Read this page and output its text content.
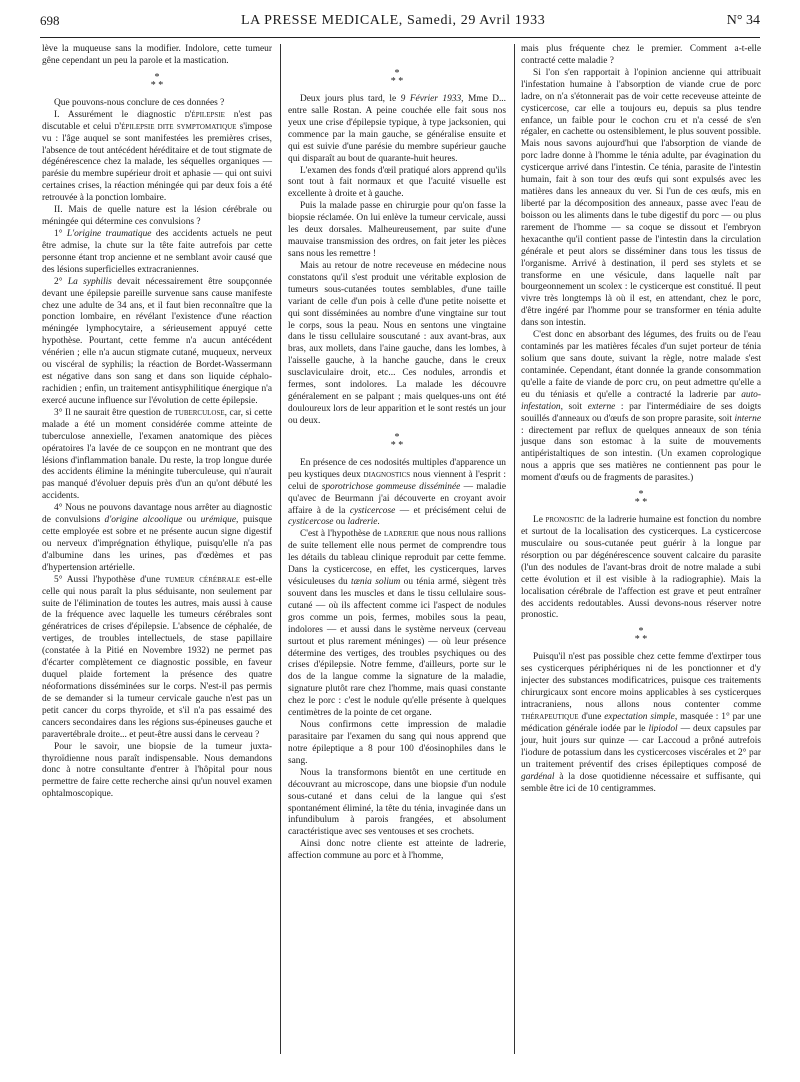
698	LA PRESSE MEDICALE, Samedi, 29 Avril 1933	N° 34

lève la muqueuse sans la modifier. Indolore, cette tumeur gêne cependant un peu la parole et la mastication.

*
* *

Que pouvons-nous conclure de ces données ?

I. Assurément le diagnostic d'épilepsie n'est pas discutable et celui d'épilepsie dite symptomatique s'impose vu : l'âge auquel se sont manifestées les premières crises, l'absence de tout antécédent héréditaire et de tout stigmate de dégénérescence chez la malade, les séquelles organiques — parésie du membre supérieur droit et aphasie — qui ont suivi certaines crises, la réaction méningée qui par deux fois a été retrouvée à la ponction lombaire.

II. Mais de quelle nature est la lésion cérébrale ou méningée qui détermine ces convulsions ?

1° L'origine traumatique des accidents actuels ne peut être admise, la chute sur la tête faite autrefois par cette personne étant trop ancienne et ne semblant avoir causé que des lésions superficielles extracraniennes.

2° La syphilis devait nécessairement être soupçonnée devant une épilepsie pareille survenue sans cause manifeste chez une adulte de 34 ans, et il faut bien reconnaître que la ponction lombaire, en révélant l'existence d'une réaction méningée lymphocytaire, a sérieusement appuyé cette hypothèse. Pourtant, cette femme n'a aucun antécédent vénérien ; elle n'a aucun stigmate cutané, muqueux, nerveux ou viscéral de syphilis; la réaction de Bordet-Wassermann est négative dans son sang et dans son liquide céphalo-rachidien ; enfin, un traitement antisyphilitique énergique n'a exercé aucune influence sur l'évolution de cette épilepsie.

3° Il ne saurait être question de tuberculose, car, si cette malade a été un moment considérée comme atteinte de tuberculose annexielle, l'examen anatomique des pièces opératoires l'a lavée de ce soupçon en ne montrant que des lésions d'inflammation banale. Du reste, la trop longue durée des accidents élimine la méningite tuberculeuse, qui n'aurait pas manqué d'évoluer depuis près d'un an qu'ont débuté les accidents.

4° Nous ne pouvons davantage nous arrêter au diagnostic de convulsions d'origine alcoolique ou urémique, puisque cette employée est sobre et ne présente aucun signe digestif ou nerveux d'imprégnation éthylique, puisqu'elle n'a pas d'albumine dans les urines, pas d'œdèmes et pas d'hypertension artérielle.

5° Aussi l'hypothèse d'une tumeur cérébrale est-elle celle qui nous paraît la plus séduisante, non seulement par suite de l'élimination de toutes les autres, mais aussi à cause de la fréquence avec laquelle les tumeurs cérébrales sont génératrices de crises d'épilepsie. L'absence de céphalée, de vertiges, de troubles intellectuels, de stase papillaire (constatée à la Pitié en Novembre 1932) ne permet pas d'écarter complètement ce diagnostic possible, en faveur duquel plaide fortement la présence des quatre néoformations disséminées sur le corps. N'est-il pas permis de se demander si la tumeur cervicale gauche n'est pas un petit cancer du corps thyroïde, et s'il n'a pas essaimé des cancers secondaires dans les régions sus-épineuses gauche et paravertébrale droite... et peut-être aussi dans le cerveau ?

Pour le savoir, une biopsie de la tumeur juxta-thyroïdienne nous paraît indispensable. Nous demandons donc à notre consultante d'entrer à l'hôpital pour nous permettre de faire cette recherche ainsi qu'un nouvel examen ophtalmoscopique.

*
* *

Deux jours plus tard, le 9 Février 1933, Mme D... entre salle Rostan. A peine couchée elle fait sous nos yeux une crise d'épilepsie typique, à type jacksonien, qui commence par la main gauche, se généralise ensuite et qui est suivie d'une parésie du membre supérieur gauche qui disparaît au bout de quarante-huit heures.

L'examen des fonds d'œil pratiqué alors apprend qu'ils sont tout à fait normaux et que l'acuité visuelle est excellente à droite et à gauche.

Puis la malade passe en chirurgie pour qu'on fasse la biopsie réclamée. On lui enlève la tumeur cervicale, aussi les deux dorsales. Malheureusement, par suite d'une mauvaise transmission des ordres, on fait jeter les pièces sans nous les remettre !

Mais au retour de notre receveuse en médecine nous constatons qu'il s'est produit une véritable explosion de tumeurs sous-cutanées toutes semblables, d'une taille variant de celle d'un pois à celle d'une petite noisette et qui sont disséminées au nombre d'une vingtaine sur tout le corps, sous la peau. Nous en sentons une vingtaine dans le tissu cellulaire souscutané : aux avant-bras, aux bras, aux mollets, dans l'aine gauche, dans les lombes, à l'aisselle gauche, à la hanche gauche, dans le creux susclaviculaire droit, etc... Ces nodules, arrondis et fermes, sont indolores. La malade les découvre généralement en se palpant ; mais quelques-uns ont été douloureux lors de leur apparition et le sont restés un jour ou deux.

*
* *

En présence de ces nodosités multiples d'apparence un peu kystiques deux diagnostics nous viennent à l'esprit : celui de sporotrichose gommeuse disséminée — maladie qu'avec de Beurmann j'ai découverte en croyant avoir affaire à de la cysticercose — et précisément celui de cysticercose ou ladrerie.

C'est à l'hypothèse de ladrerie que nous nous rallions de suite tellement elle nous permet de comprendre tous les détails du tableau clinique reproduit par cette femme. Dans la cysticercose, en effet, les cysticerques, larves vésiculeuses du tænia solium ou ténia armé, siègent très souvent dans les muscles et dans le tissu cellulaire sous-cutané — où ils affectent comme ici l'aspect de nodules gros comme un pois, fermes, mobiles sous la peau, indolores — et aussi dans le système nerveux (cerveau surtout et plus rarement méninges) — où leur présence détermine des vertiges, des troubles psychiques ou des crises d'épilepsie. Notre femme, d'ailleurs, porte sur le dos de la langue comme la signature de la maladie, signature plutôt rare chez l'homme, mais quasi constante chez le porc : c'est le nodule qu'elle présente à quelques centimètres de la pointe de cet organe.

Nous confirmons cette impression de maladie parasitaire par l'examen du sang qui nous apprend que notre épileptique a 8 pour 100 d'éosinophiles dans le sang.

Nous la transformons bientôt en une certitude en découvrant au microscope, dans une biopsie d'un nodule sous-cutané et dans celui de la langue qui s'est spontanément éliminé, la tête du ténia, invaginée dans un infundibulum à parois frangées, et absolument caractéristique avec ses ventouses et ses crochets.

Ainsi donc notre cliente est atteinte de ladrerie, affection commune au porc et à l'homme,

mais plus fréquente chez le premier. Comment a-t-elle contracté cette maladie ?

Si l'on s'en rapportait à l'opinion ancienne qui attribuait l'infestation humaine à l'absorption de viande crue de porc ladre, on n'a s'étonnerait pas de voir cette receveuse atteinte de cysticercose, car elle a toujours eu, depuis sa plus tendre enfance, un faible pour le cochon cru et n'a cessé de s'en régaler, en cachette ou ostensiblement, le plus souvent possible. Mais nous savons aujourd'hui que l'absorption de viande de porc ladre donne à l'homme le ténia adulte, par évagination du cysticerque arrivé dans l'intestin. Ce ténia, parasite de l'intestin humain, fait à son tour des œufs qui sont expulsés avec les matières dans les anneaux du ver. Si l'un de ces œufs, mis en liberté par la décomposition des anneaux, passe avec l'eau de boisson ou les aliments dans le tube digestif du porc — ou plus rarement de l'homme — sa coque se dissout et l'embryon hexacanthe qu'il contient passe de l'intestin dans la circulation générale et peut alors se disséminer dans tous les tissus de l'organisme. Arrivé à destination, il perd ses stylets et se transforme en une vésicule, dans laquelle naît par bourgeonnement un scolex : le cysticerque est constitué. Il peut vivre très longtemps là où il est, en attendant, chez le porc, d'être ingéré par l'homme pour se transformer en ténia adulte dans son intestin.

C'est donc en absorbant des légumes, des fruits ou de l'eau contaminés par les matières fécales d'un sujet porteur de ténia solium que sans doute, suivant la règle, notre malade s'est contaminée. Cependant, étant donnée la grande consommation qu'elle a faite de viande de porc cru, on peut admettre qu'elle a eu du téniasis et qu'elle a contracté la ladrerie par auto-infestation, soit externe : par l'intermédiaire de ses doigts souillés d'anneaux ou d'œufs de son propre parasite, soit interne : directement par reflux de quelques anneaux de son ténia jusque dans son estomac à la suite de mouvements antipéristaltiques de son intestin. (Un examen coprologique nous a appris que ses matières ne contiennent pas pour le moment d'œufs ou de fragments de parasites.)

*
* *

Le pronostic de la ladrerie humaine est fonction du nombre et surtout de la localisation des cysticerques. La cysticercose musculaire ou sous-cutanée peut guérir à la longue par résorption ou par dégénérescence souvent calcaire du parasite (l'un des nodules de l'avant-bras droit de notre malade a subi cette évolution et il est visible à la radiographie). Mais la localisation cérébrale de l'affection est grave et peut entraîner des accidents redoutables. Aussi devons-nous réserver notre pronostic.

*
* *

Puisqu'il n'est pas possible chez cette femme d'extirper tous ses cysticerques périphériques ni de les ponctionner et d'y injecter des substances modificatrices, puisque ces traitements chirurgicaux sont encore moins applicables à ses cysticerques intracraniens, nous allons nous contenter comme thérapeutique d'une expectation simple, masquée : 1° par une médication générale iodée par le lipiodol — deux capsules par jour, huit jours sur quinze — car Laccoud a prôné autrefois l'iodure de potassium dans les cysticercoses viscérales et 2° par un traitement préventif des crises épileptiques composé de gardénal à la dose quotidienne nécessaire et suffisante, qui semble être ici de 10 centigrammes.
